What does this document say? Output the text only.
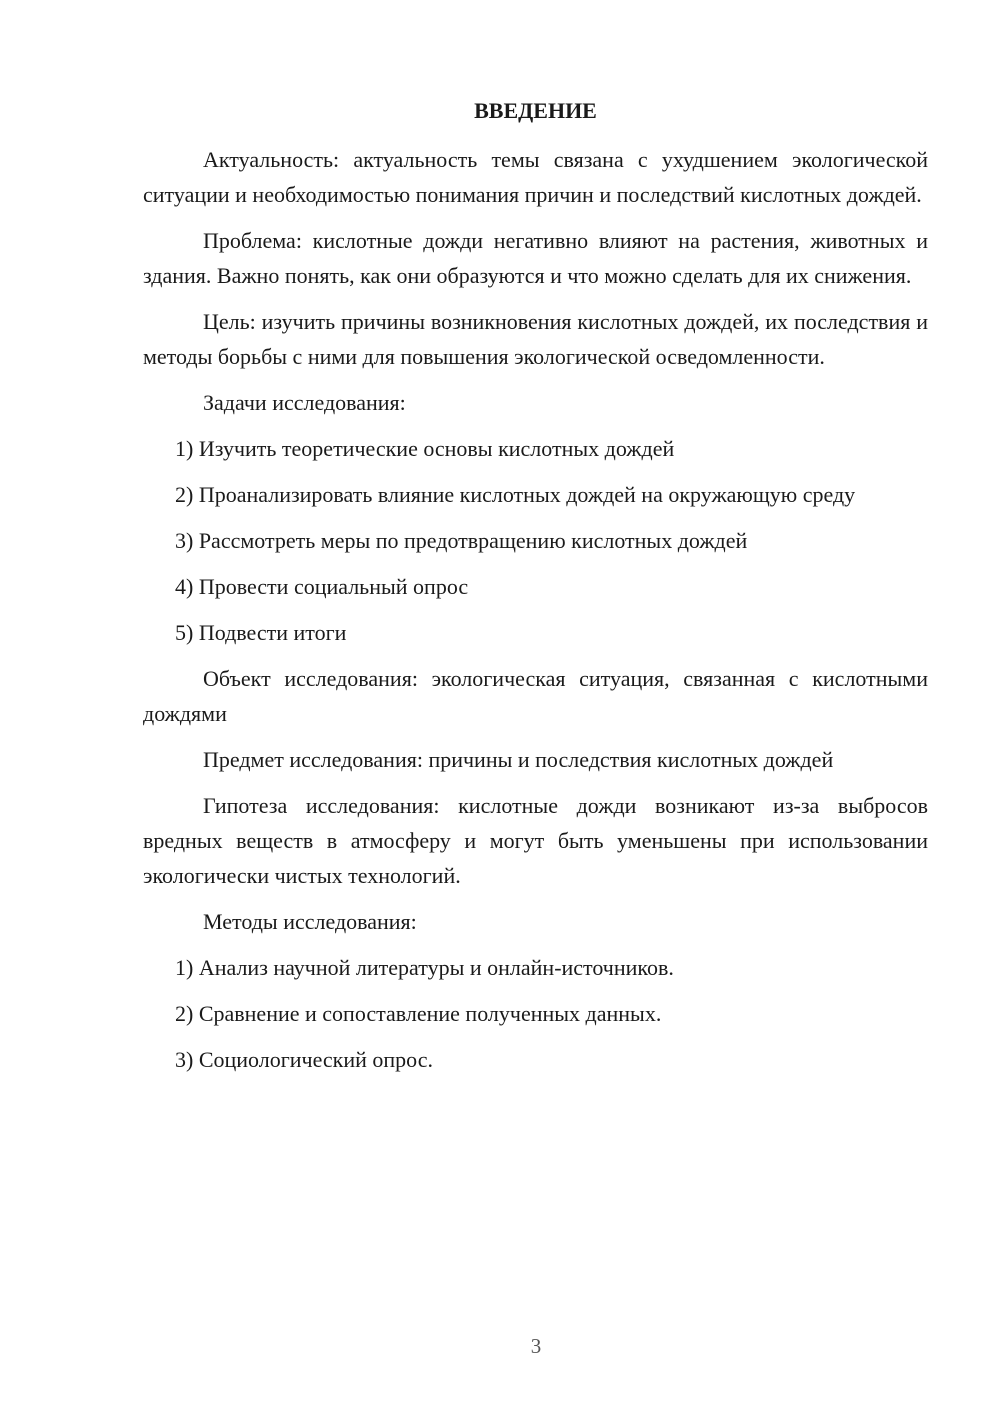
ВВЕДЕНИЕ

Актуальность: актуальность темы связана с ухудшением экологической ситуации и необходимостью понимания причин и последствий кислотных дождей.

Проблема: кислотные дожди негативно влияют на растения, животных и здания. Важно понять, как они образуются и что можно сделать для их снижения.

Цель: изучить причины возникновения кислотных дождей, их последствия и методы борьбы с ними для повышения экологической осведомленности.

Задачи исследования:

1) Изучить теоретические основы кислотных дождей

2) Проанализировать влияние кислотных дождей на окружающую среду

3) Рассмотреть меры по предотвращению кислотных дождей

4) Провести социальный опрос

5) Подвести итоги

Объект исследования: экологическая ситуация, связанная с кислотными дождями

Предмет исследования: причины и последствия кислотных дождей

Гипотеза исследования: кислотные дожди возникают из-за выбросов вредных веществ в атмосферу и могут быть уменьшены при использовании экологически чистых технологий.

Методы исследования:

1) Анализ научной литературы и онлайн-источников.

2) Сравнение и сопоставление полученных данных.

3) Социологический опрос.

3
